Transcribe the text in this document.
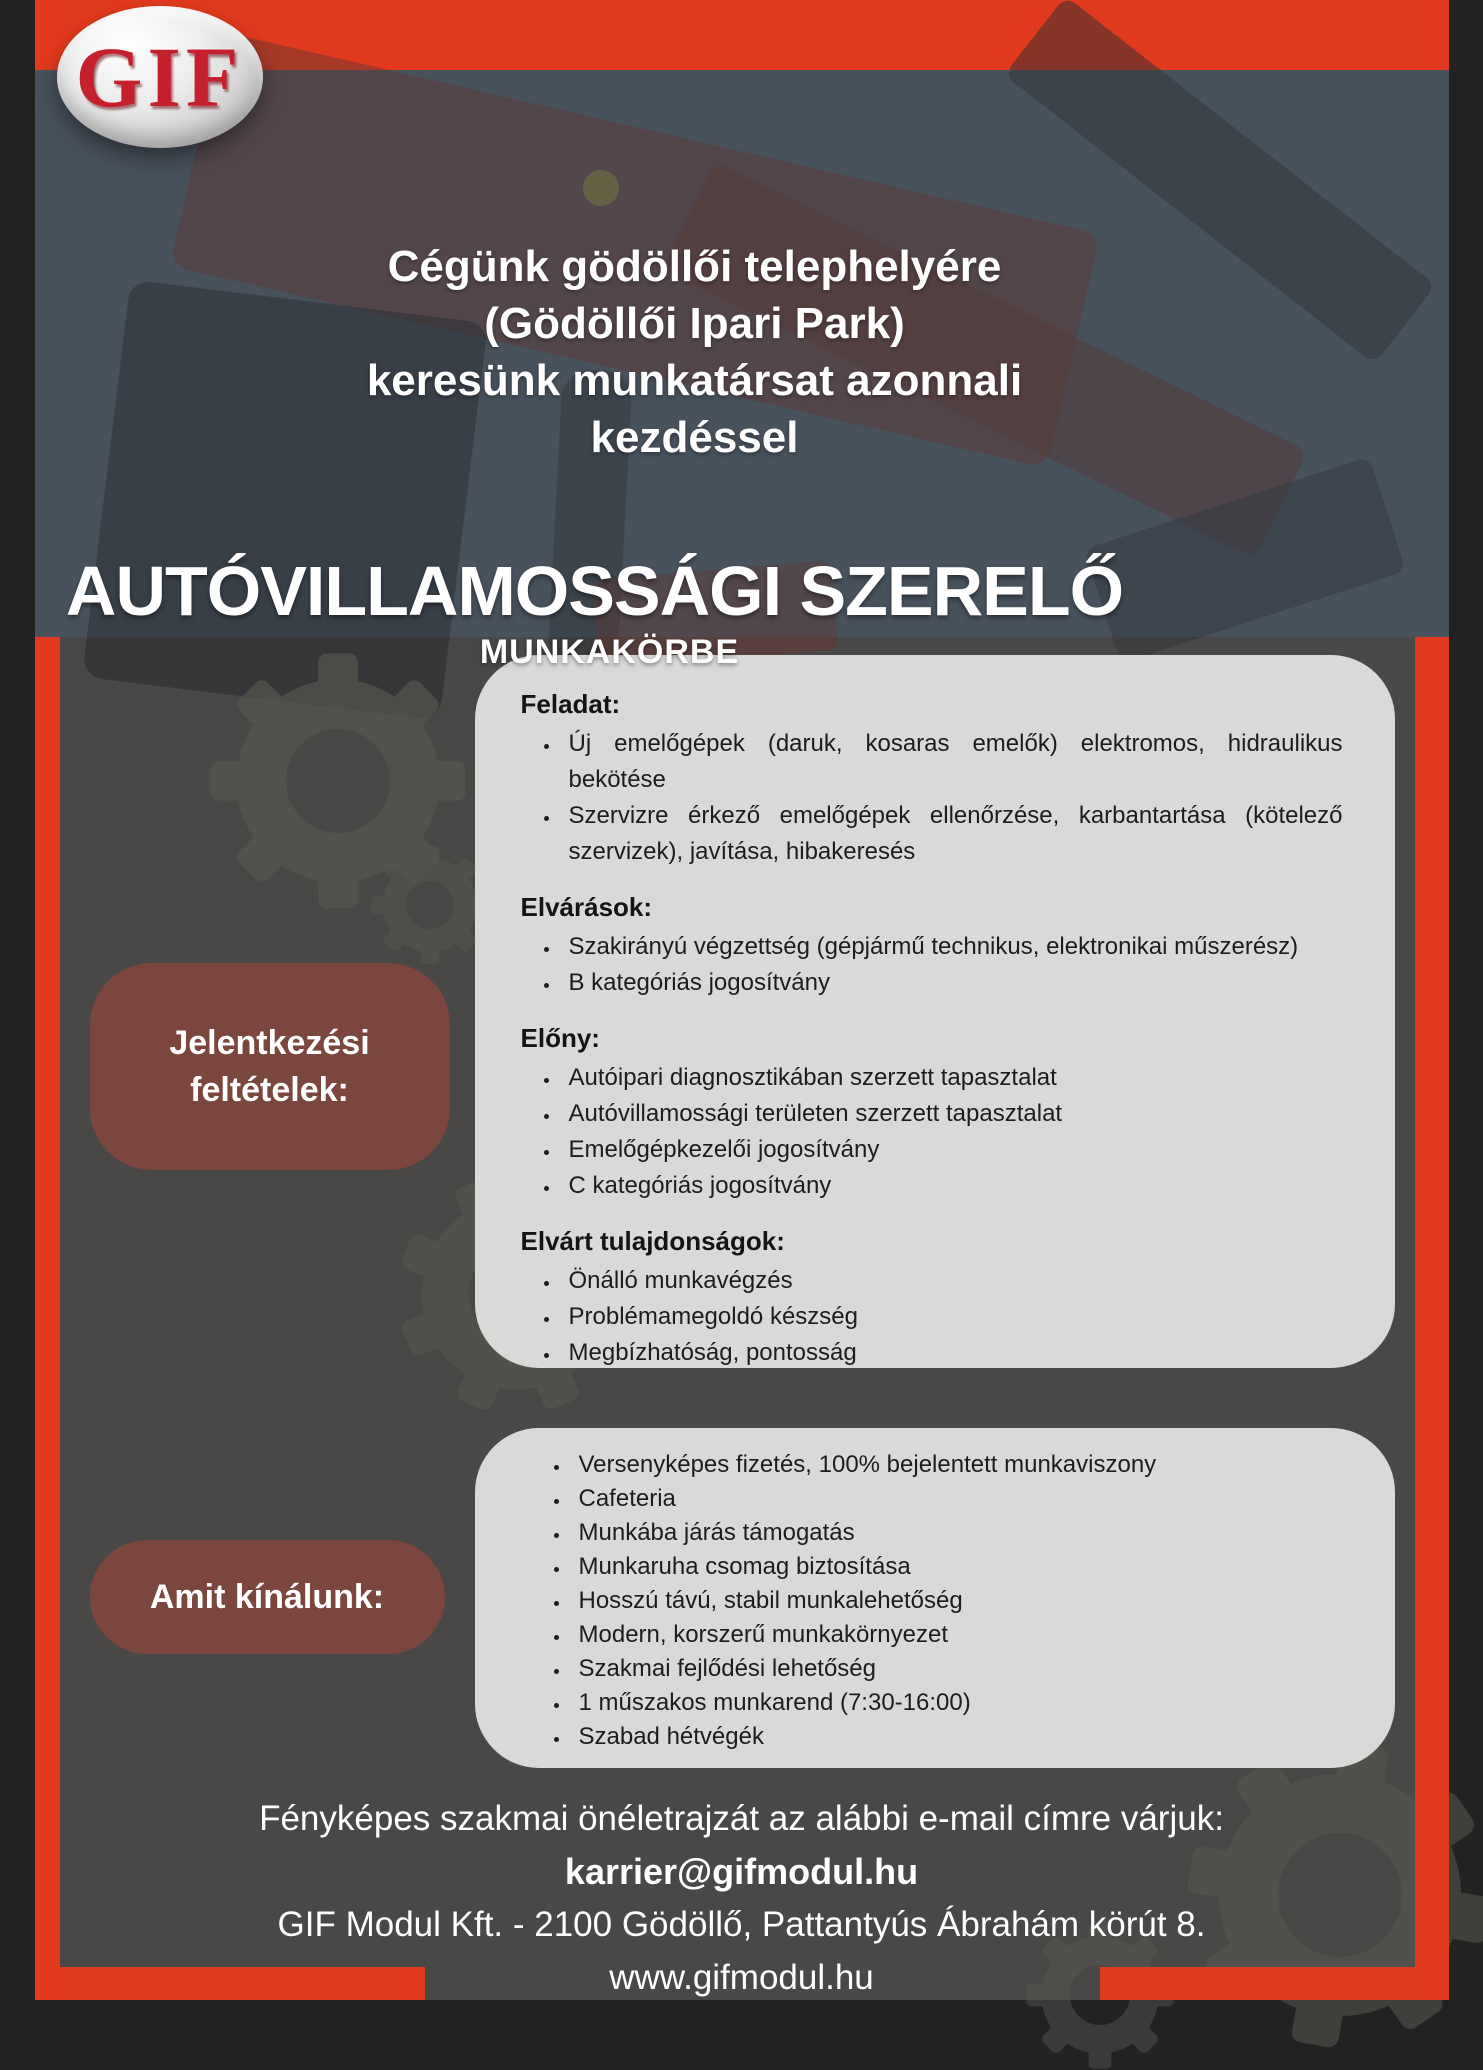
Cégünk gödöllői telephelyére
(Gödöllői Ipari Park)
keresünk munkatársat azonnali
kezdéssel
AUTÓVILLAMOSSÁGI SZERELŐ
MUNKAKÖRBE
GIF
Jelentkezési feltételek:
Feladat:
• Új emelőgépek (daruk, kosaras emelők) elektromos, hidraulikus bekötése
• Szervizre érkező emelőgépek ellenőrzése, karbantartása (kötelező szervizek), javítása, hibakeresés
Elvárások:
• Szakirányú végzettség (gépjármű technikus, elektronikai műszerész)
• B kategóriás jogosítvány
Előny:
• Autóipari diagnosztikában szerzett tapasztalat
• Autóvillamossági területen szerzett tapasztalat
• Emelőgépkezelői jogosítvány
• C kategóriás jogosítvány
Elvárt tulajdonságok:
• Önálló munkavégzés
• Problémamegoldó készség
• Megbízhatóság, pontosság
Amit kínálunk:
• Versenyképes fizetés, 100% bejelentett munkaviszony
• Cafeteria
• Munkába járás támogatás
• Munkaruha csomag biztosítása
• Hosszú távú, stabil munkalehetőség
• Modern, korszerű munkakörnyezet
• Szakmai fejlődési lehetőség
• 1 műszakos munkarend (7:30-16:00)
• Szabad hétvégék
Fényképes szakmai önéletrajzát az alábbi e-mail címre várjuk:
karrier@gifmodul.hu
GIF Modul Kft. - 2100 Gödöllő, Pattantyús Ábrahám körút 8.
www.gifmodul.hu
